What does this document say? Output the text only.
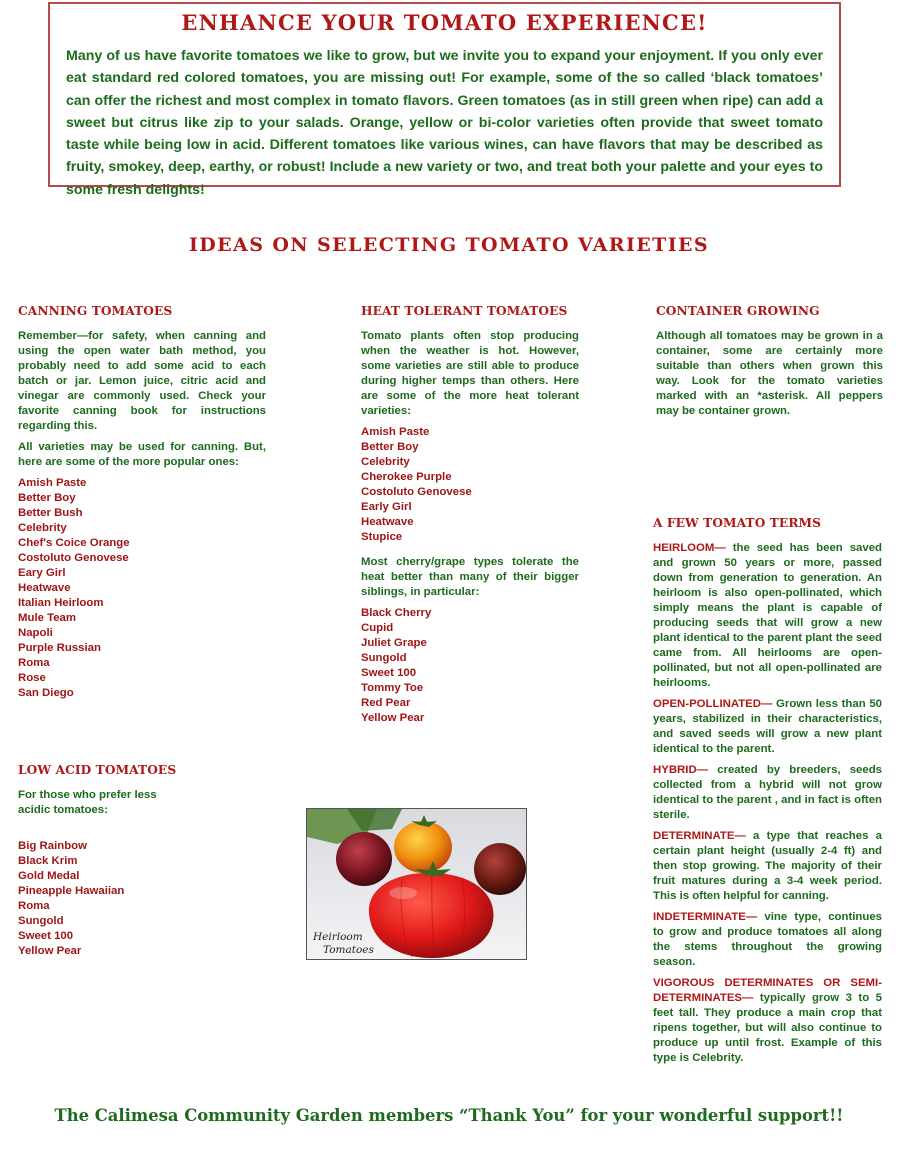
ENHANCE YOUR TOMATO EXPERIENCE!

Many of us have favorite tomatoes we like to grow, but we invite you to expand your enjoyment. If you only ever eat standard red colored tomatoes, you are missing out! For example, some of the so called ‘black tomatoes’ can offer the richest and most complex in tomato flavors. Green tomatoes (as in still green when ripe) can add a sweet but citrus like zip to your salads. Orange, yellow or bi-color varieties often provide that sweet tomato taste while being low in acid. Different tomatoes like various wines, can have flavors that may be described as fruity, smokey, deep, earthy, or robust! Include a new variety or two, and treat both your palette and your eyes to some fresh delights!

IDEAS ON SELECTING TOMATO VARIETIES
CANNING TOMATOES

Remember—for safety, when canning and using the open water bath method, you probably need to add some acid to each batch or jar. Lemon juice, citric acid and vinegar are commonly used. Check your favorite canning book for instructions regarding this.

All varieties may be used for canning. But, here are some of the more popular ones:

Amish Paste
Better Boy
Better Bush
Celebrity
Chef's Coice Orange
Costoluto Genovese
Eary Girl
Heatwave
Italian Heirloom
Mule Team
Napoli
Purple Russian
Roma
Rose
San Diego
HEAT TOLERANT TOMATOES

Tomato plants often stop producing when the weather is hot. However, some varieties are still able to produce during higher temps than others. Here are some of the more heat tolerant varieties:

Amish Paste
Better Boy
Celebrity
Cherokee Purple
Costoluto Genovese
Early Girl
Heatwave
Stupice

Most cherry/grape types tolerate the heat better than many of their bigger siblings, in particular:

Black Cherry
Cupid
Juliet Grape
Sungold
Sweet 100
Tommy Toe
Red Pear
Yellow Pear
CONTAINER GROWING

Although all tomatoes may be grown in a container, some are certainly more suitable than others when grown this way. Look for the tomato varieties marked with an *asterisk. All peppers may be container grown.

A FEW TOMATO TERMS

HEIRLOOM— the seed has been saved and grown 50 years or more, passed down from generation to generation. An heirloom is also open-pollinated, which simply means the plant is capable of producing seeds that will grow a new plant identical to the parent plant the seed came from. All heirlooms are open-pollinated, but not all open-pollinated are heirlooms.

OPEN-POLLINATED— Grown less than 50 years, stabilized in their characteristics, and saved seeds will grow a new plant identical to the parent.

HYBRID— created by breeders, seeds collected from a hybrid will not grow identical to the parent , and in fact is often sterile.

DETERMINATE— a type that reaches a certain plant height (usually 2-4 ft) and then stop growing. The majority of their fruit matures during a 3-4 week period. This is often helpful for canning.

INDETERMINATE— vine type, continues to grow and produce tomatoes all along the stems throughout the growing season.

VIGOROUS DETERMINATES OR SEMI-DETERMINATES— typically grow 3 to 5 feet tall. They produce a main crop that ripens together, but will also continue to produce up until frost. Example of this type is Celebrity.

LOW ACID TOMATOES

For those who prefer less acidic tomatoes:

Big Rainbow
Black Krim
Gold Medal
Pineapple Hawaiian
Roma
Sungold
Sweet 100
Yellow Pear
Heirloom
Tomatoes
The Calimesa Community Garden members “Thank You” for your wonderful support!!
